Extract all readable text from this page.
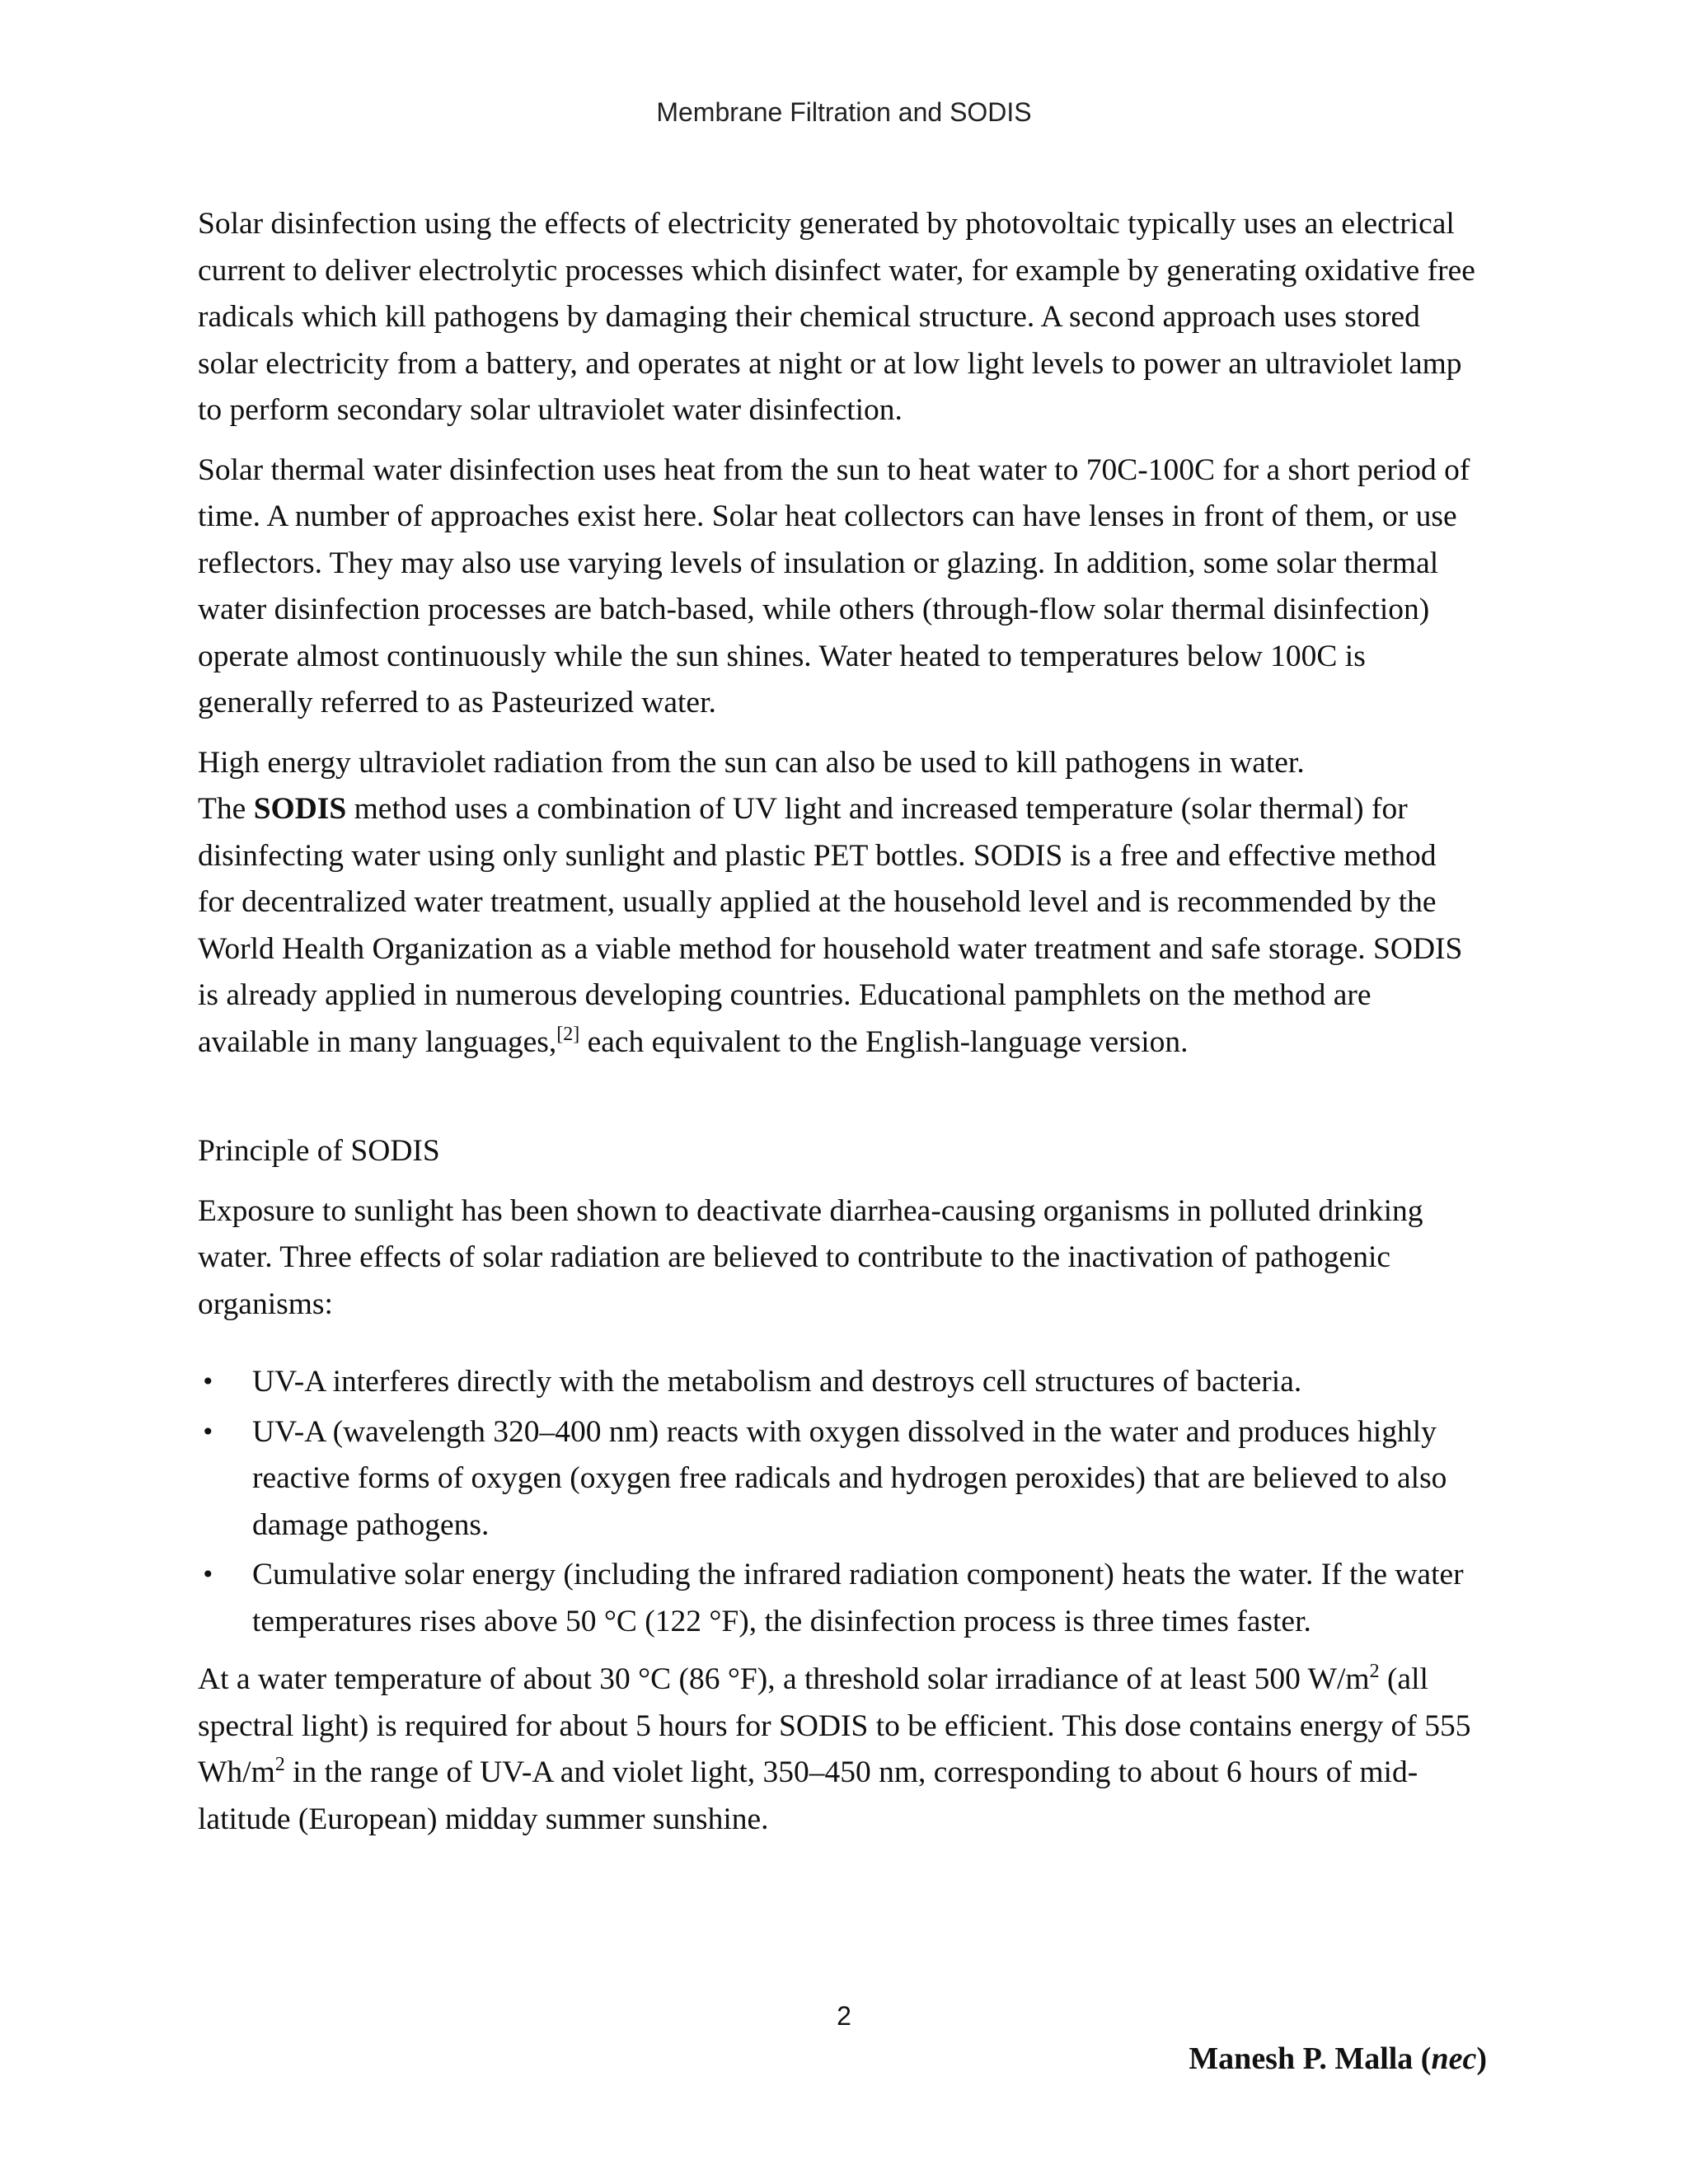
Membrane Filtration and SODIS

Solar disinfection using the effects of electricity generated by photovoltaic typically uses an electrical current to deliver electrolytic processes which disinfect water, for example by generating oxidative free radicals which kill pathogens by damaging their chemical structure. A second approach uses stored solar electricity from a battery, and operates at night or at low light levels to power an ultraviolet lamp to perform secondary solar ultraviolet water disinfection.

Solar thermal water disinfection uses heat from the sun to heat water to 70C-100C for a short period of time. A number of approaches exist here. Solar heat collectors can have lenses in front of them, or use reflectors. They may also use varying levels of insulation or glazing. In addition, some solar thermal water disinfection processes are batch-based, while others (through-flow solar thermal disinfection) operate almost continuously while the sun shines. Water heated to temperatures below 100C is generally referred to as Pasteurized water.

High energy ultraviolet radiation from the sun can also be used to kill pathogens in water.
The SODIS method uses a combination of UV light and increased temperature (solar thermal) for disinfecting water using only sunlight and plastic PET bottles. SODIS is a free and effective method for decentralized water treatment, usually applied at the household level and is recommended by the World Health Organization as a viable method for household water treatment and safe storage. SODIS is already applied in numerous developing countries. Educational pamphlets on the method are available in many languages,[2] each equivalent to the English-language version.

Principle of SODIS

Exposure to sunlight has been shown to deactivate diarrhea-causing organisms in polluted drinking water. Three effects of solar radiation are believed to contribute to the inactivation of pathogenic organisms:

• UV-A interferes directly with the metabolism and destroys cell structures of bacteria.
• UV-A (wavelength 320–400 nm) reacts with oxygen dissolved in the water and produces highly reactive forms of oxygen (oxygen free radicals and hydrogen peroxides) that are believed to also damage pathogens.
• Cumulative solar energy (including the infrared radiation component) heats the water. If the water temperatures rises above 50 °C (122 °F), the disinfection process is three times faster.

At a water temperature of about 30 °C (86 °F), a threshold solar irradiance of at least 500 $W/m^2$ (all spectral light) is required for about 5 hours for SODIS to be efficient. This dose contains energy of 555 $Wh/m^2$ in the range of UV-A and violet light, 350–450 nm, corresponding to about 6 hours of mid-latitude (European) midday summer sunshine.

2
Manesh P. Malla (nec)
